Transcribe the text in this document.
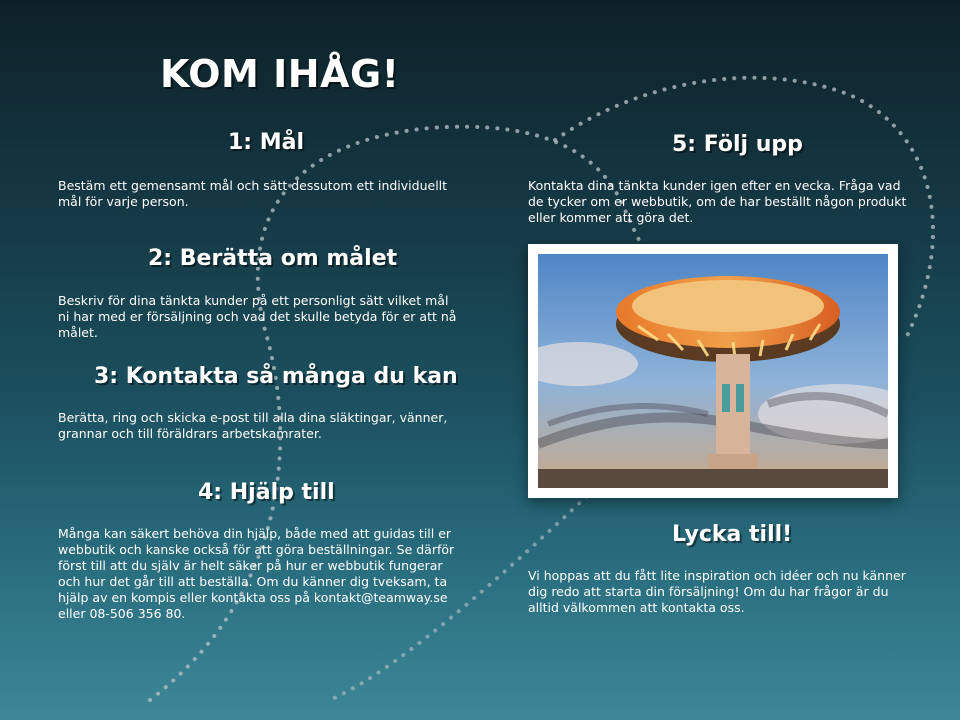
KOM IHÅG!
1: Mål
Bestäm ett gemensamt mål och sätt dessutom ett individuellt mål för varje person.
2: Berätta om målet
Beskriv för dina tänkta kunder på ett personligt sätt vilket mål ni har med er försäljning och vad det skulle betyda för er att nå målet.
3: Kontakta så många du kan
Berätta, ring och skicka e-post till alla dina släktingar, vänner, grannar och till föräldrars arbetskamrater.
4: Hjälp till
Många kan säkert behöva din hjälp, både med att guidas till er webbutik och kanske också för att göra beställningar. Se därför först till att du själv är helt säker på hur er webbutik fungerar och hur det går till att beställa. Om du känner dig tveksam, ta hjälp av en kompis eller kontakta oss på kontakt@teamway.se eller 08-506 356 80.
5: Följ upp
Kontakta dina tänkta kunder igen efter en vecka. Fråga vad de tycker om er webbutik, om de har beställt någon produkt eller kommer att göra det.
Lycka till!
Vi hoppas att du fått lite inspiration och idéer och nu känner dig redo att starta din försäljning! Om du har frågor är du alltid välkommen att kontakta oss.
